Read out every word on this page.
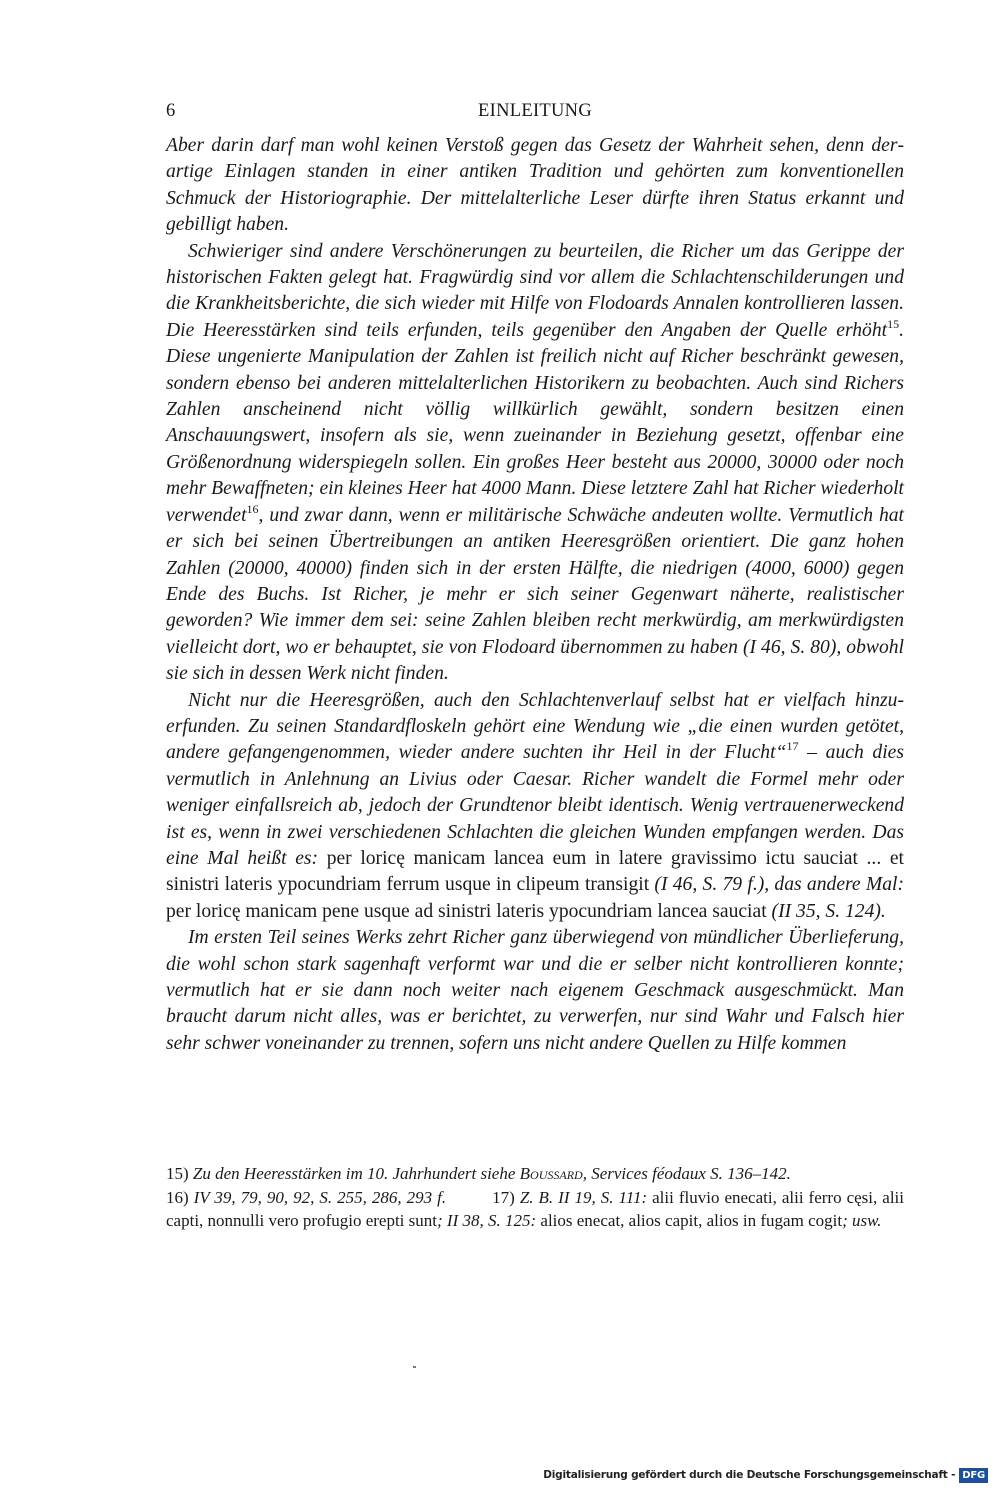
6	EINLEITUNG

Aber darin darf man wohl keinen Verstoß gegen das Gesetz der Wahrheit sehen, denn derartige Einlagen standen in einer antiken Tradition und gehörten zum konventionellen Schmuck der Historiographie. Der mittelalterliche Leser dürfte ihren Status erkannt und gebilligt haben.

Schwieriger sind andere Verschönerungen zu beurteilen, die Richer um das Gerippe der historischen Fakten gelegt hat. Fragwürdig sind vor allem die Schlachtenschilderungen und die Krankheitsberichte, die sich wieder mit Hilfe von Flodoards Annalen kontrollieren lassen. Die Heeresstärken sind teils erfunden, teils gegenüber den Angaben der Quelle erhöht$^{15}$. Diese ungenierte Manipulation der Zahlen ist freilich nicht auf Richer beschränkt gewesen, sondern ebenso bei anderen mittelalterlichen Historikern zu beobachten. Auch sind Richers Zahlen anscheinend nicht völlig willkürlich gewählt, sondern besitzen einen Anschauungswert, insofern als sie, wenn zueinander in Beziehung gesetzt, offenbar eine Größenordnung widerspiegeln sollen. Ein großes Heer besteht aus 20000, 30000 oder noch mehr Bewaffneten; ein kleines Heer hat 4000 Mann. Diese letztere Zahl hat Richer wiederholt verwendet$^{16}$, und zwar dann, wenn er militärische Schwäche andeuten wollte. Vermutlich hat er sich bei seinen Übertreibungen an antiken Heeresgrößen orientiert. Die ganz hohen Zahlen (20000, 40000) finden sich in der ersten Hälfte, die niedrigen (4000, 6000) gegen Ende des Buchs. Ist Richer, je mehr er sich seiner Gegenwart näherte, realistischer geworden? Wie immer dem sei: seine Zahlen bleiben recht merkwürdig, am merkwürdigsten vielleicht dort, wo er behauptet, sie von Flodoard übernommen zu haben (I 46, S. 80), obwohl sie sich in dessen Werk nicht finden.

Nicht nur die Heeresgrößen, auch den Schlachtenverlauf selbst hat er vielfach hinzuerfunden. Zu seinen Standardfloskeln gehört eine Wendung wie „die einen wurden getötet, andere gefangengenommen, wieder andere suchten ihr Heil in der Flucht“$^{17}$ – auch dies vermutlich in Anlehnung an Livius oder Caesar. Richer wandelt die Formel mehr oder weniger einfallsreich ab, jedoch der Grundtenor bleibt identisch. Wenig vertrauenerweckend ist es, wenn in zwei verschiedenen Schlachten die gleichen Wunden empfangen werden. Das eine Mal heißt es: per loricę manicam lancea eum in latere gravissimo ictu sauciat ... et sinistri lateris ypocundriam ferrum usque in clipeum transigit (I 46, S. 79 f.), das andere Mal: per loricę manicam pene usque ad sinistri lateris ypocundriam lancea sauciat (II 35, S. 124).

Im ersten Teil seines Werks zehrt Richer ganz überwiegend von mündlicher Überlieferung, die wohl schon stark sagenhaft verformt war und die er selber nicht kontrollieren konnte; vermutlich hat er sie dann noch weiter nach eigenem Geschmack ausgeschmückt. Man braucht darum nicht alles, was er berichtet, zu verwerfen, nur sind Wahr und Falsch hier sehr schwer voneinander zu trennen, sofern uns nicht andere Quellen zu Hilfe kommen

15) Zu den Heeresstärken im 10. Jahrhundert siehe Boussard, Services féodaux S. 136–142.

16) IV 39, 79, 90, 92, S. 255, 286, 293 f.	17) Z. B. II 19, S. 111: alii fluvio enecati, alii ferro cęsi, alii capti, nonnulli vero profugio erepti sunt; II 38, S. 125: alios enecat, alios capit, alios in fugam cogit; usw.

Digitalisierung gefördert durch die Deutsche Forschungsgemeinschaft - DFG
